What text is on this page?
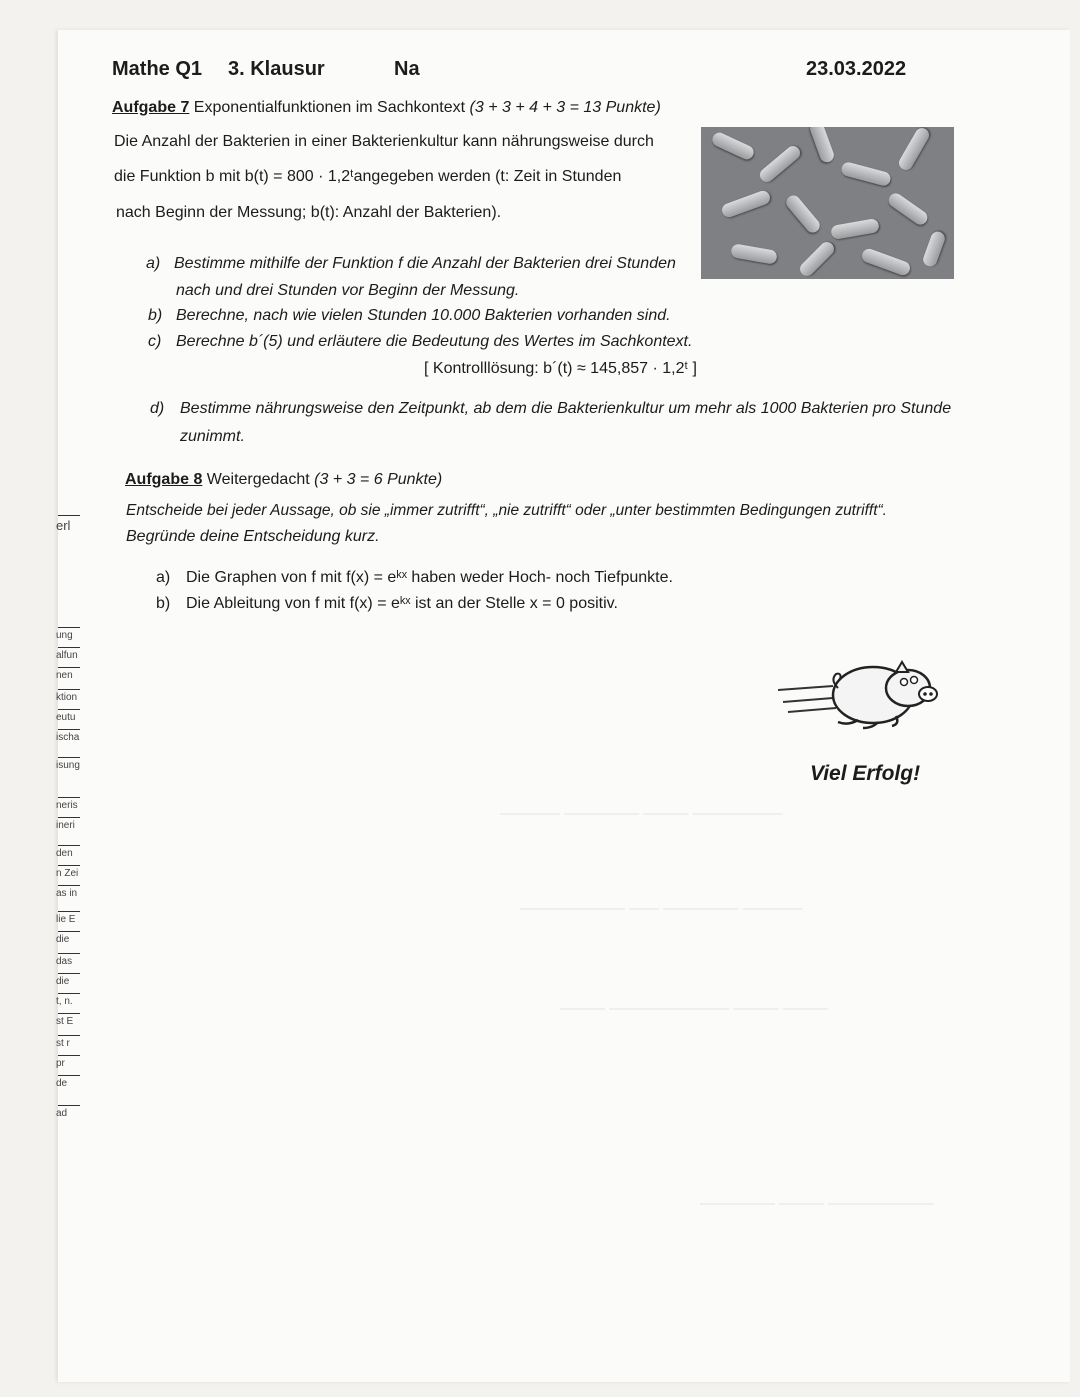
———— ————— ——— ——————
——————— —— ————— ————
——— ———————— ——— ———
————— ——— ———————
erl
ung
alfun
nen
ktion
eutu
ischa
isung
neris
ineri
den
n Zei
as in
lie E
die
das
die
t, n.
st E
st r
pr
de
ad
Mathe Q1 3. Klausur	Na	23.03.2022
Aufgabe 7 Exponentialfunktionen im Sachkontext (3 + 3 + 4 + 3 = 13 Punkte)
Die Anzahl der Bakterien in einer Bakterienkultur kann nährungsweise durch
die Funktion b mit b(t) = 800 · 1,2ᵗangegeben werden (t: Zeit in Stunden
nach Beginn der Messung; b(t): Anzahl der Bakterien).
a) Bestimme mithilfe der Funktion f die Anzahl der Bakterien drei Stunden
nach und drei Stunden vor Beginn der Messung.
b) Berechne, nach wie vielen Stunden 10.000 Bakterien vorhanden sind.
c) Berechne b´(5) und erläutere die Bedeutung des Wertes im Sachkontext.
[ Kontrolllösung: b´(t) ≈ 145,857 · 1,2ᵗ ]
d) Bestimme nährungsweise den Zeitpunkt, ab dem die Bakterienkultur um mehr als 1000 Bakterien pro Stunde
zunimmt.
Aufgabe 8 Weitergedacht (3 + 3 = 6 Punkte)
Entscheide bei jeder Aussage, ob sie „immer zutrifft“, „nie zutrifft“ oder „unter bestimmten Bedingungen zutrifft“.
Begründe deine Entscheidung kurz.
a) Die Graphen von f mit f(x) = eᵏˣ haben weder Hoch- noch Tiefpunkte.
b) Die Ableitung von f mit f(x) = eᵏˣ ist an der Stelle x = 0 positiv.
Viel Erfolg!
